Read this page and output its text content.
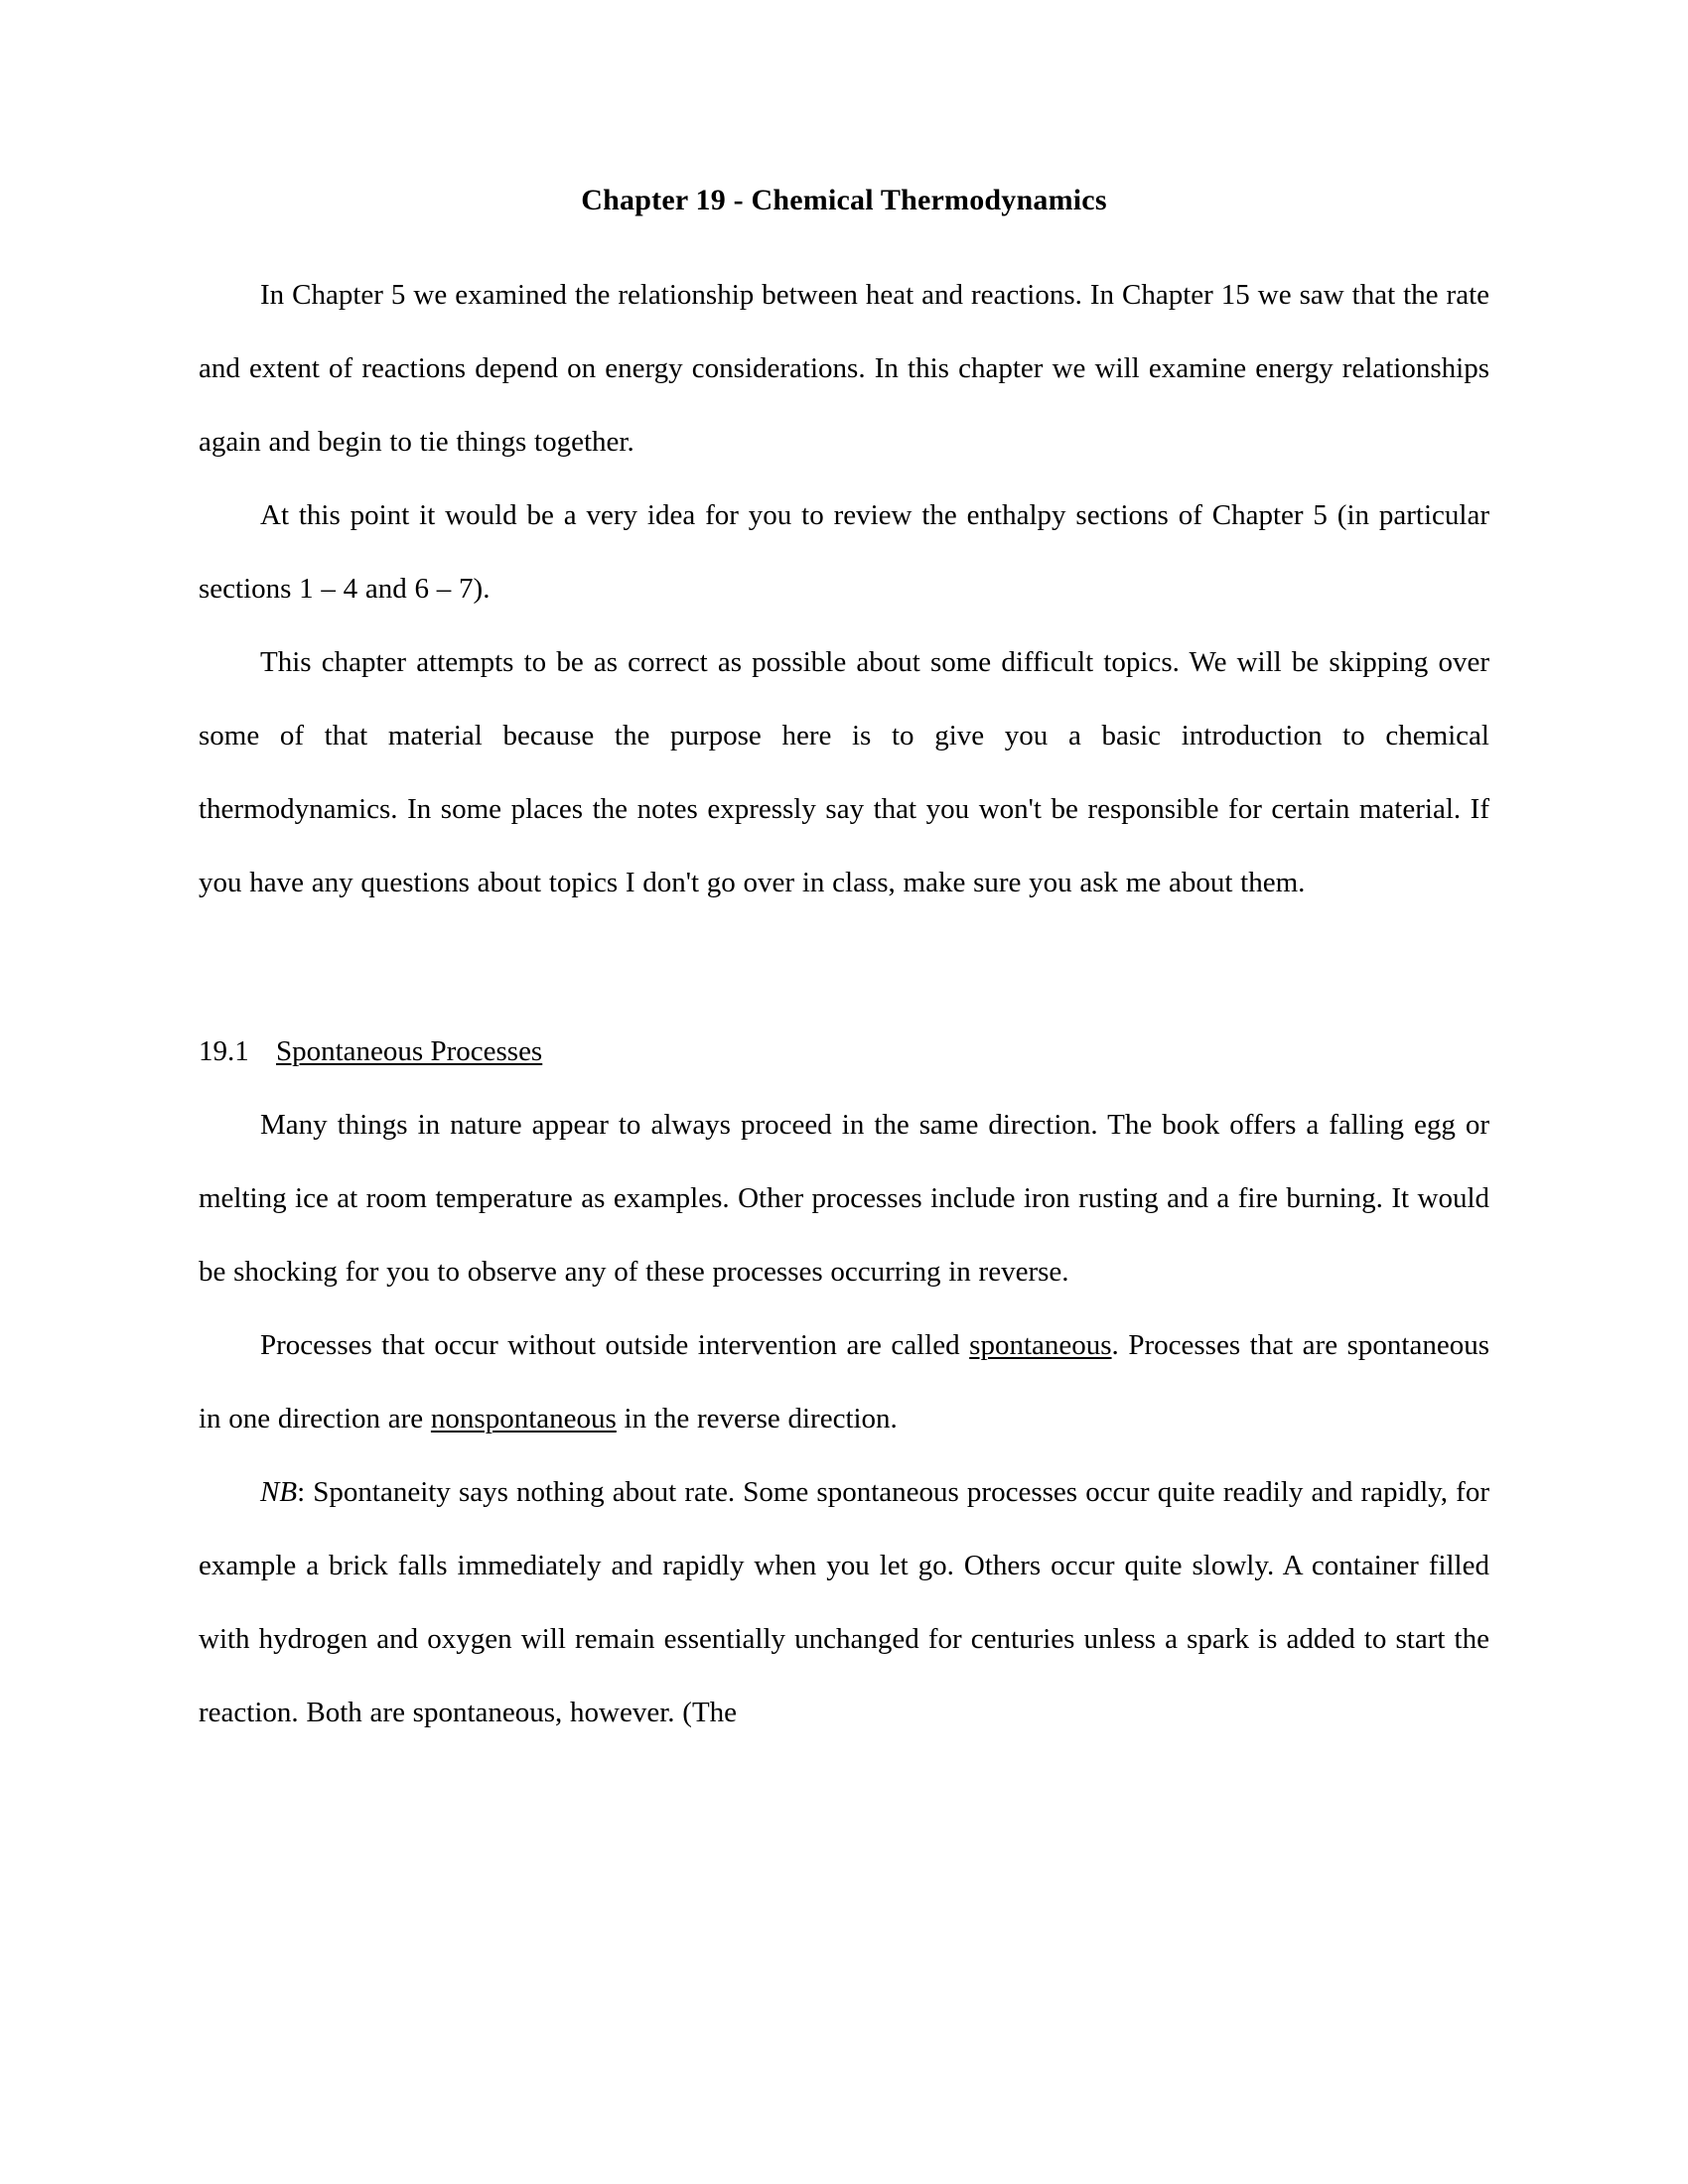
Chapter 19 - Chemical Thermodynamics

In Chapter 5 we examined the relationship between heat and reactions. In Chapter 15 we saw that the rate and extent of reactions depend on energy considerations. In this chapter we will examine energy relationships again and begin to tie things together.

At this point it would be a very idea for you to review the enthalpy sections of Chapter 5 (in particular sections 1 – 4 and 6 – 7).

This chapter attempts to be as correct as possible about some difficult topics. We will be skipping over some of that material because the purpose here is to give you a basic introduction to chemical thermodynamics. In some places the notes expressly say that you won't be responsible for certain material. If you have any questions about topics I don't go over in class, make sure you ask me about them.

19.1 Spontaneous Processes

Many things in nature appear to always proceed in the same direction. The book offers a falling egg or melting ice at room temperature as examples. Other processes include iron rusting and a fire burning. It would be shocking for you to observe any of these processes occurring in reverse.

Processes that occur without outside intervention are called spontaneous. Processes that are spontaneous in one direction are nonspontaneous in the reverse direction.

NB: Spontaneity says nothing about rate. Some spontaneous processes occur quite readily and rapidly, for example a brick falls immediately and rapidly when you let go. Others occur quite slowly. A container filled with hydrogen and oxygen will remain essentially unchanged for centuries unless a spark is added to start the reaction. Both are spontaneous, however. (The
